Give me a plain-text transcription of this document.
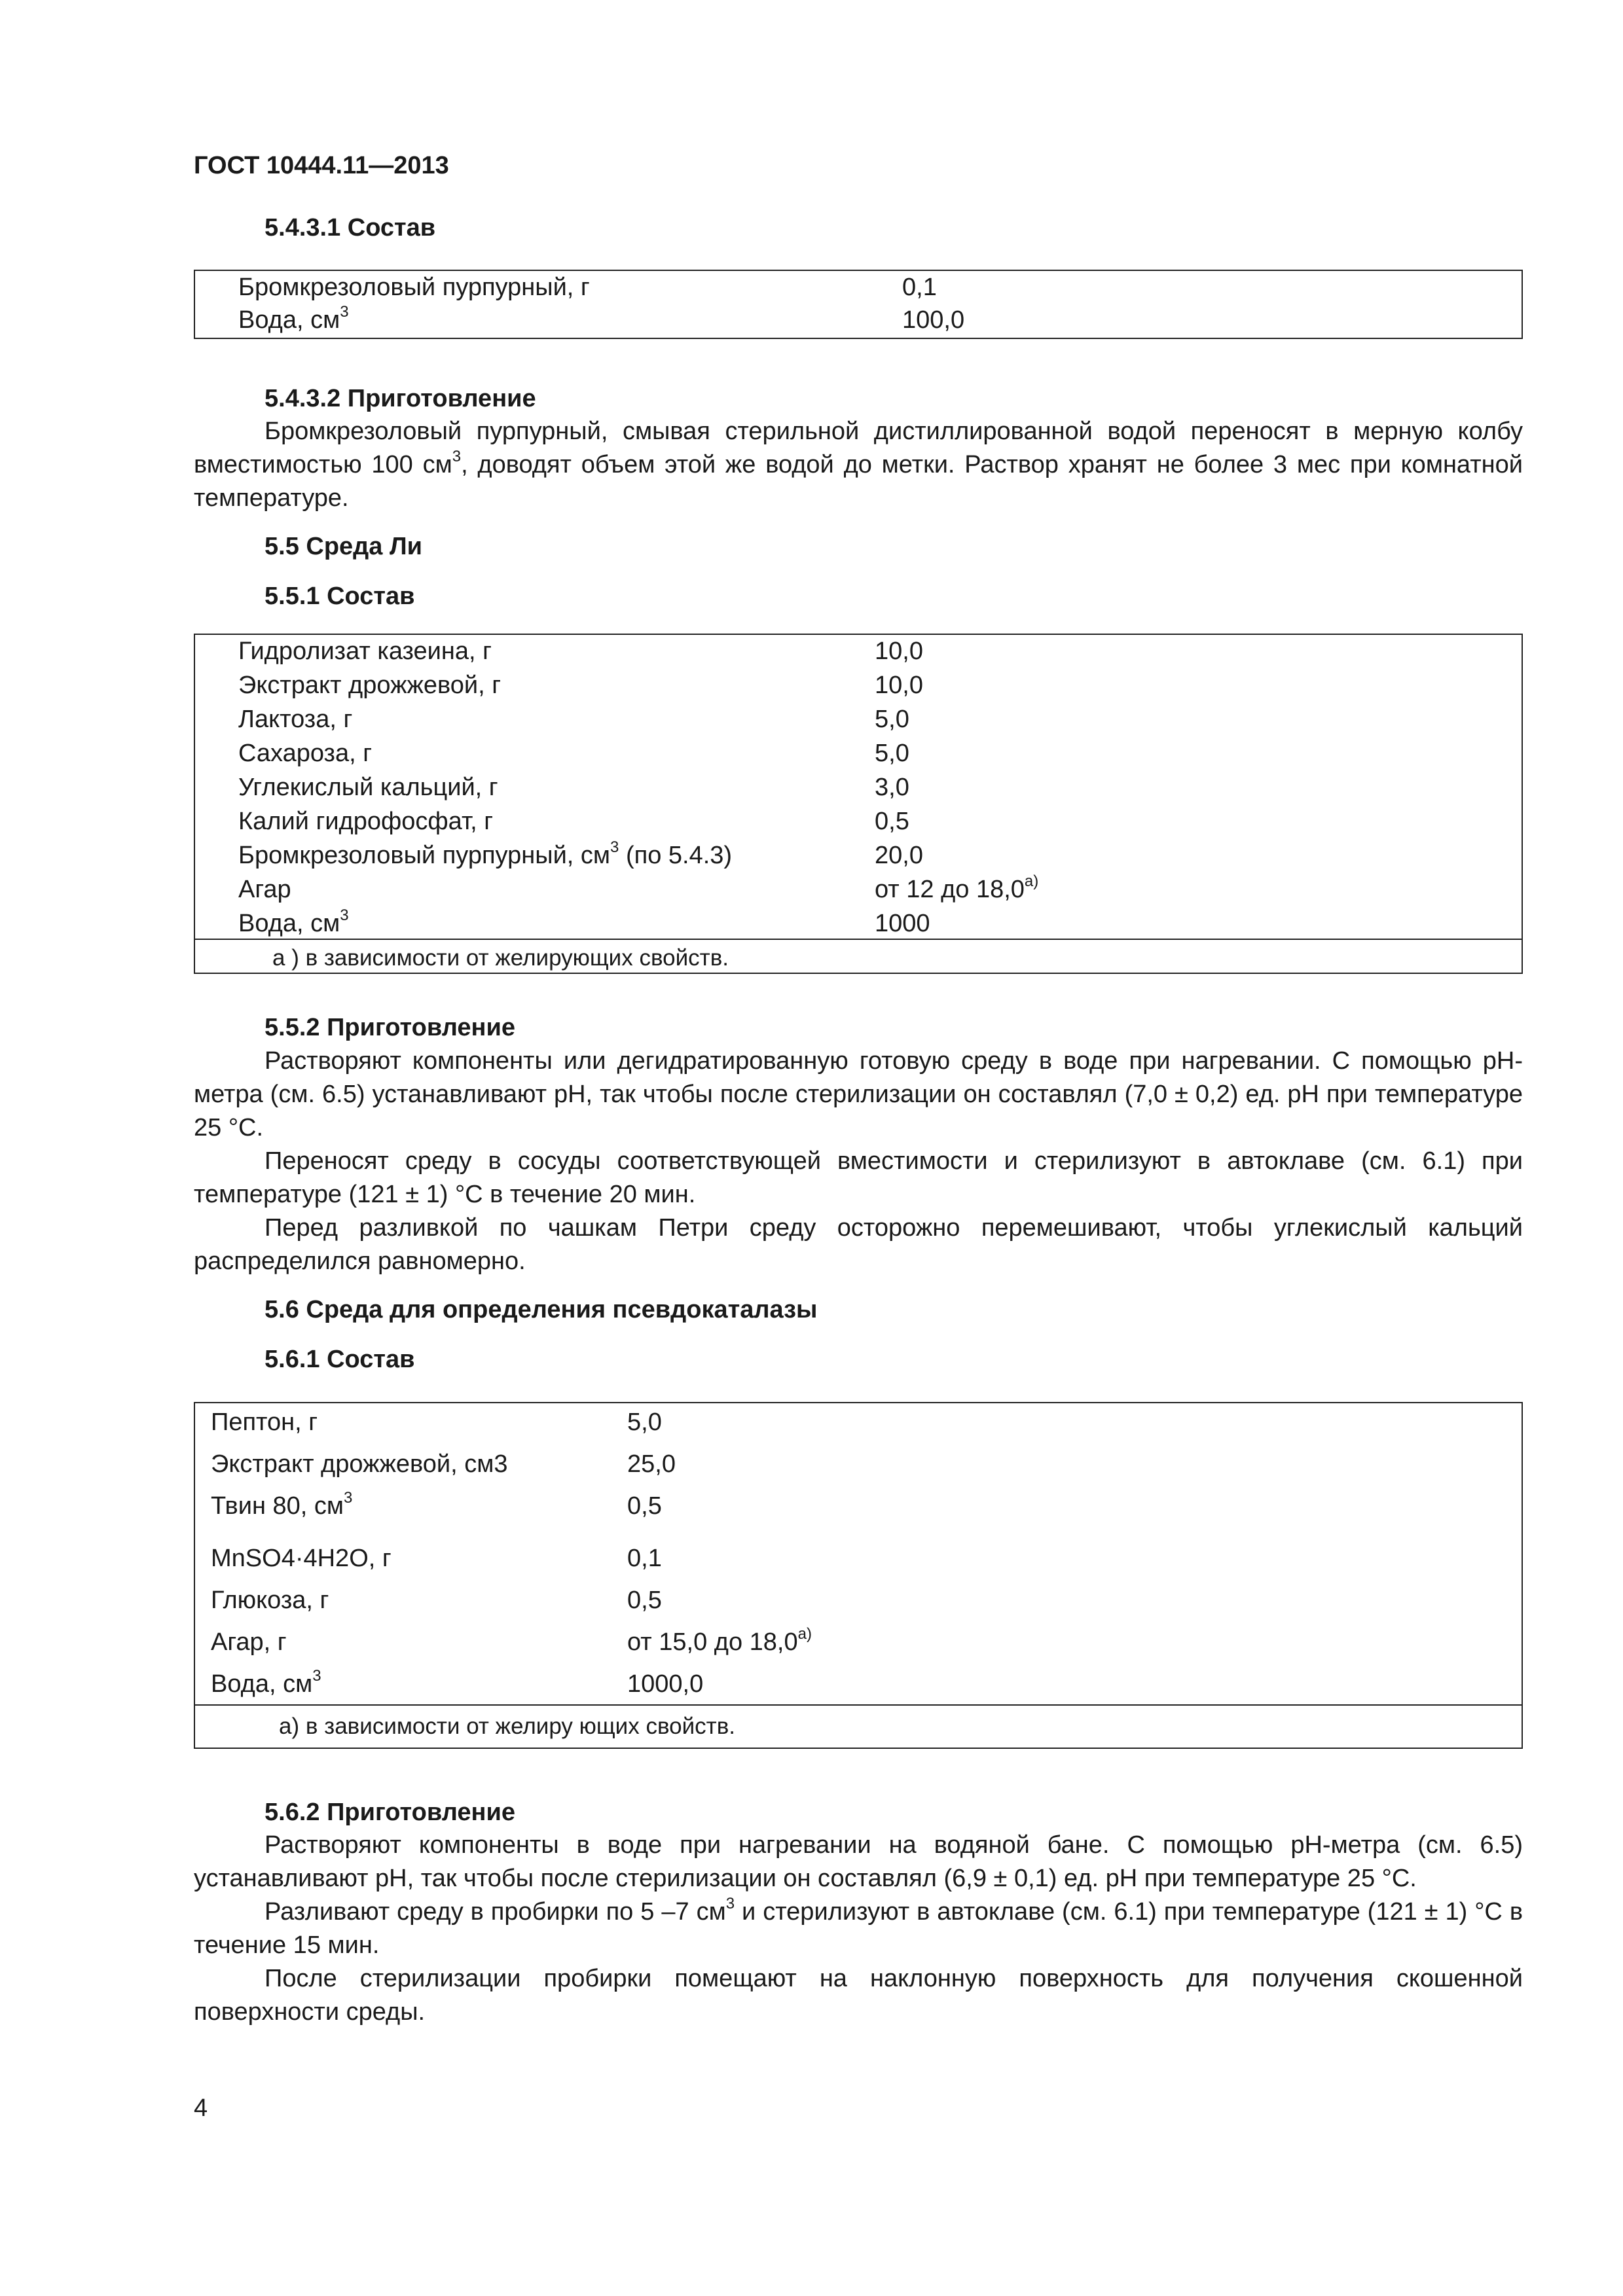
ГОСТ 10444.11—2013
5.4.3.1 Состав
Бромкрезоловый пурпурный, г	0,1
Вода, $см^3$	100,0
5.4.3.2 Приготовление

Бромкрезоловый пурпурный, смывая стерильной дистиллированной водой переносят в мерную колбу вместимостью 100 $см^3$, доводят объем этой же водой до метки. Раствор хранят не более 3 мес при комнатной температуре.

5.5 Среда Ли
5.5.1 Состав
Гидролизат казеина, г	10,0
Экстракт дрожжевой, г	10,0
Лактоза, г	5,0
Сахароза, г	5,0
Углекислый кальций, г	3,0
Калий гидрофосфат, г	0,5
Бромкрезоловый пурпурный, $см^3$ (по 5.4.3)	20,0
Агар	от 12 до $18,0^{а)}$
Вода, $см^3$	1000
а ) в зависимости от желирующих свойств.
5.5.2 Приготовление

Растворяют компоненты или дегидратированную готовую среду в воде при нагревании. С помощью pH-метра (см. 6.5) устанавливают pH, так чтобы после стерилизации он составлял (7,0 ± 0,2) ед. pH при температуре 25 °С.

Переносят среду в сосуды соответствующей вместимости и стерилизуют в автоклаве (см. 6.1) при температуре (121 ± 1) °С в течение 20 мин.

Перед разливкой по чашкам Петри среду осторожно перемешивают, чтобы углекислый кальций распределился равномерно.

5.6 Среда для определения псевдокаталазы
5.6.1 Состав
Пептон, г	5,0
Экстракт дрожжевой, см3	25,0
Твин 80, $см^3$	0,5
MnSO4·4H2O, г	0,1
Глюкоза, г	0,5
Агар, г	от 15,0 до $18,0^{а)}$
Вода, $см^3$	1000,0
а) в зависимости от желиру ющих свойств.
5.6.2 Приготовление

Растворяют компоненты в воде при нагревании на водяной бане. С помощью pH-метра (см. 6.5) устанавливают pH, так чтобы после стерилизации он составлял (6,9 ± 0,1) ед. pH при температуре 25 °С.

Разливают среду в пробирки по 5 –7 $см^3$ и стерилизуют в автоклаве (см. 6.1) при температуре (121 ± 1) °С в течение 15 мин.

После стерилизации пробирки помещают на наклонную поверхность для получения скошенной поверхности среды.

4
